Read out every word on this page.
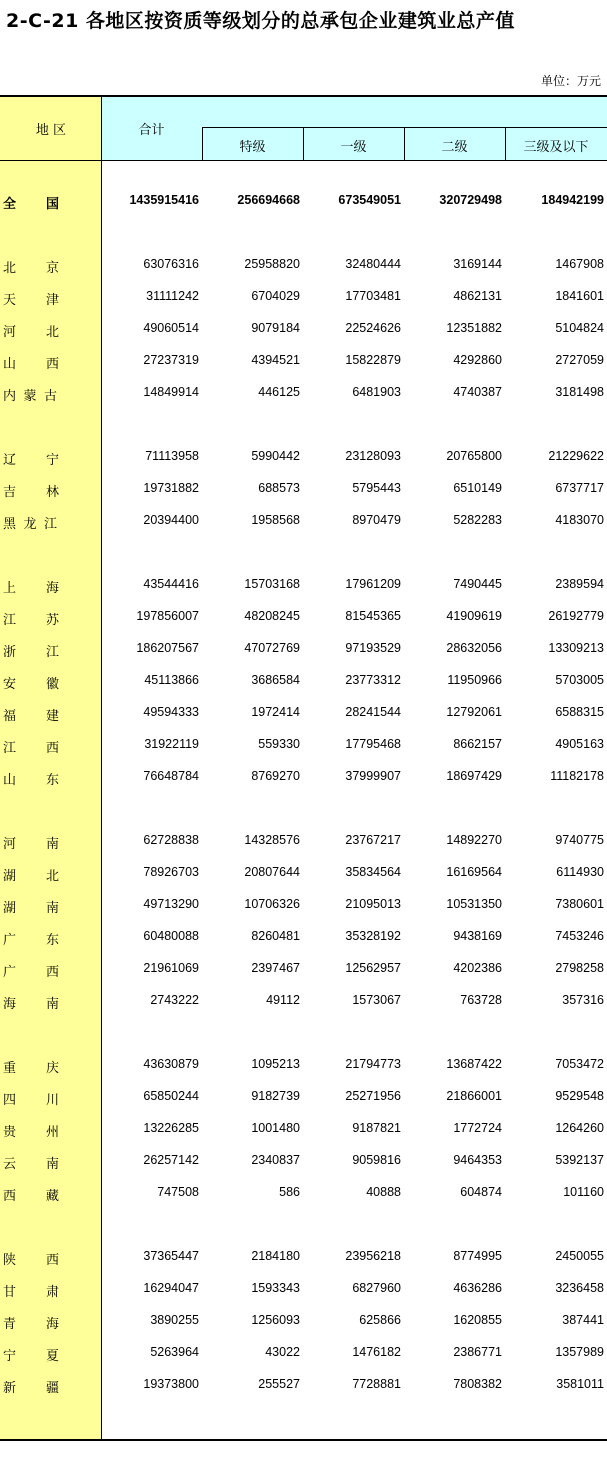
2-C-21 各地区按资质等级划分的总承包企业建筑业总产值
单位：万元
地 区	合计
特级	一级	二级	三级及以下
全 国	1435915416	256694668	673549051	320729498	184942199
北 京	63076316	25958820	32480444	3169144	1467908
天 津	31111242	6704029	17703481	4862131	1841601
河 北	49060514	9079184	22524626	12351882	5104824
山 西	27237319	4394521	15822879	4292860	2727059
内 蒙 古	14849914	446125	6481903	4740387	3181498
辽 宁	71113958	5990442	23128093	20765800	21229622
吉 林	19731882	688573	5795443	6510149	6737717
黑 龙 江	20394400	1958568	8970479	5282283	4183070
上 海	43544416	15703168	17961209	7490445	2389594
江 苏	197856007	48208245	81545365	41909619	26192779
浙 江	186207567	47072769	97193529	28632056	13309213
安 徽	45113866	3686584	23773312	11950966	5703005
福 建	49594333	1972414	28241544	12792061	6588315
江 西	31922119	559330	17795468	8662157	4905163
山 东	76648784	8769270	37999907	18697429	11182178
河 南	62728838	14328576	23767217	14892270	9740775
湖 北	78926703	20807644	35834564	16169564	6114930
湖 南	49713290	10706326	21095013	10531350	7380601
广 东	60480088	8260481	35328192	9438169	7453246
广 西	21961069	2397467	12562957	4202386	2798258
海 南	2743222	49112	1573067	763728	357316
重 庆	43630879	1095213	21794773	13687422	7053472
四 川	65850244	9182739	25271956	21866001	9529548
贵 州	13226285	1001480	9187821	1772724	1264260
云 南	26257142	2340837	9059816	9464353	5392137
西 藏	747508	586	40888	604874	101160
陕 西	37365447	2184180	23956218	8774995	2450055
甘 肃	16294047	1593343	6827960	4636286	3236458
青 海	3890255	1256093	625866	1620855	387441
宁 夏	5263964	43022	1476182	2386771	1357989
新 疆	19373800	255527	7728881	7808382	3581011
